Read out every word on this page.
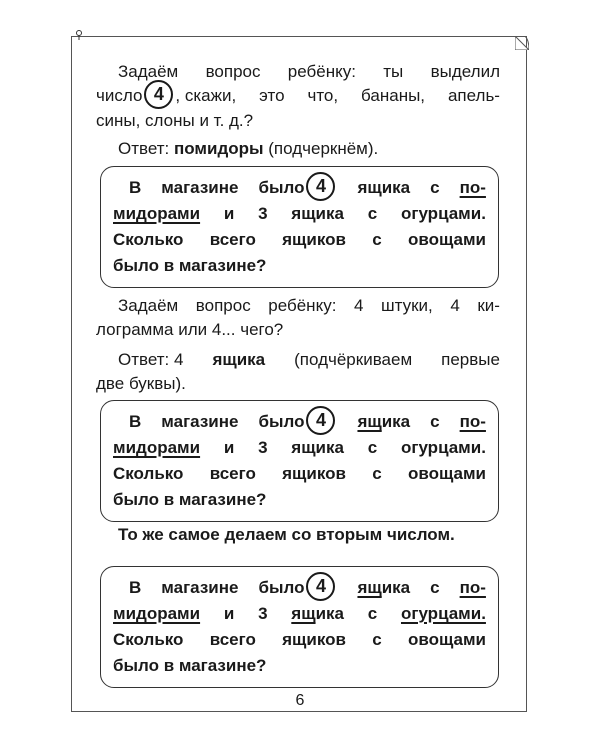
Задаём вопрос ребёнку: ты выделил
число 4 , скажи, это что, бананы, апель-
сины, слоны и т. д.?
Ответ:
помидоры
(подчеркнём).
В магазине было 4	ящика с по-
мидорами и 3 ящика с огурцами.
Сколько всего ящиков с овощами
было в магазине?
Задаём вопрос ребёнку: 4 штуки, 4 ки-
лограмма или 4... чего?
Ответ: 4 ящика (подчёркиваем первые
две буквы).
В магазине было 4	ящика с по-
мидорами и 3 ящика с огурцами.
Сколько всего ящиков с овощами
было в магазине?
То же самое делаем со вторым числом.
В магазине было 4	ящика с по-
мидорами и 3 ящика с огурцами.
Сколько всего ящиков с овощами
было в магазине?
6
